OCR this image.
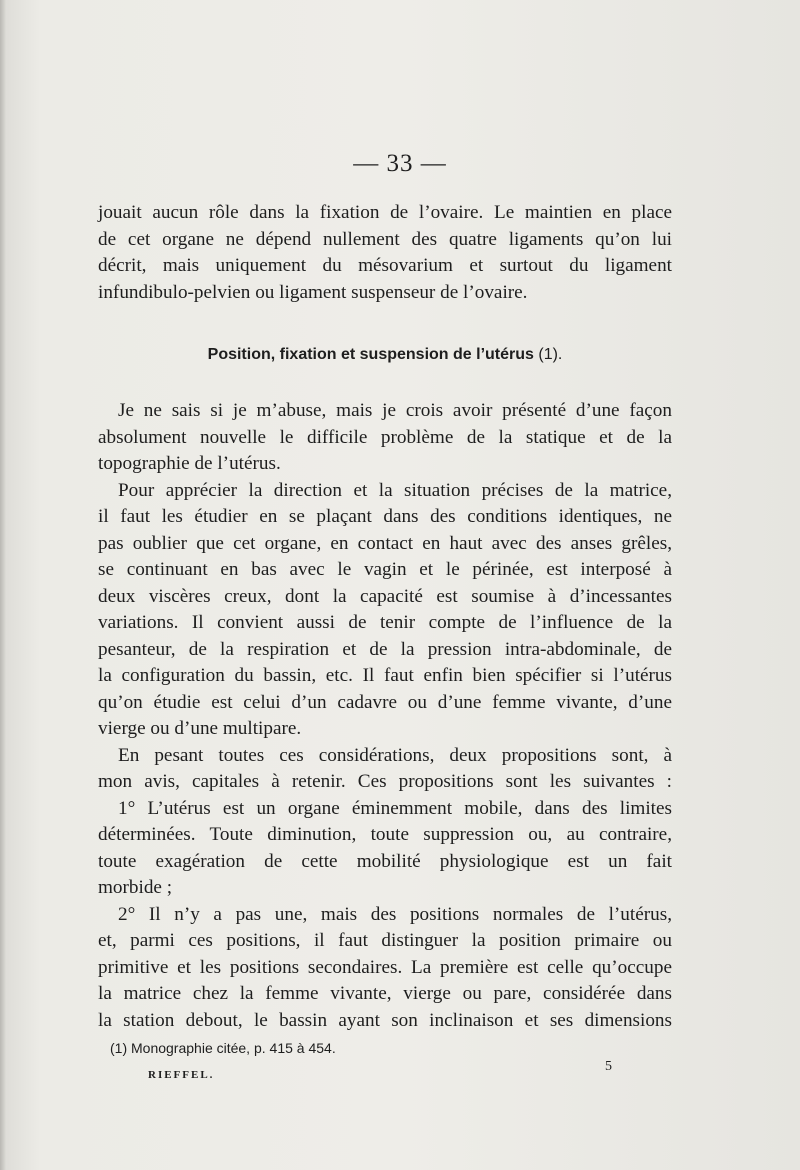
— 33 —
jouait aucun rôle dans la fixation de l’ovaire. Le maintien en place
de cet organe ne dépend nullement des quatre ligaments qu’on lui
décrit, mais uniquement du mésovarium et surtout du ligament
infundibulo-pelvien ou ligament suspenseur de l’ovaire.
Position, fixation et suspension de l’utérus (1).
Je ne sais si je m’abuse, mais je crois avoir présenté d’une façon
absolument nouvelle le difficile problème de la statique et de la
topographie de l’utérus.
Pour apprécier la direction et la situation précises de la matrice,
il faut les étudier en se plaçant dans des conditions identiques, ne
pas oublier que cet organe, en contact en haut avec des anses grêles,
se continuant en bas avec le vagin et le périnée, est interposé à
deux viscères creux, dont la capacité est soumise à d’incessantes
variations. Il convient aussi de tenir compte de l’influence de la
pesanteur, de la respiration et de la pression intra-abdominale, de
la configuration du bassin, etc. Il faut enfin bien spécifier si l’utérus
qu’on étudie est celui d’un cadavre ou d’une femme vivante, d’une
vierge ou d’une multipare.
En pesant toutes ces considérations, deux propositions sont, à
mon avis, capitales à retenir. Ces propositions sont les suivantes :
1° L’utérus est un organe éminemment mobile, dans des limites
déterminées. Toute diminution, toute suppression ou, au contraire,
toute exagération de cette mobilité physiologique est un fait
morbide ;
2° Il n’y a pas une, mais des positions normales de l’utérus,
et, parmi ces positions, il faut distinguer la position primaire ou
primitive et les positions secondaires. La première est celle qu’occupe
la matrice chez la femme vivante, vierge ou pare, considérée dans
la station debout, le bassin ayant son inclinaison et ses dimensions
(1) Monographie citée, p. 415 à 454.
RIEFFEL.
5
